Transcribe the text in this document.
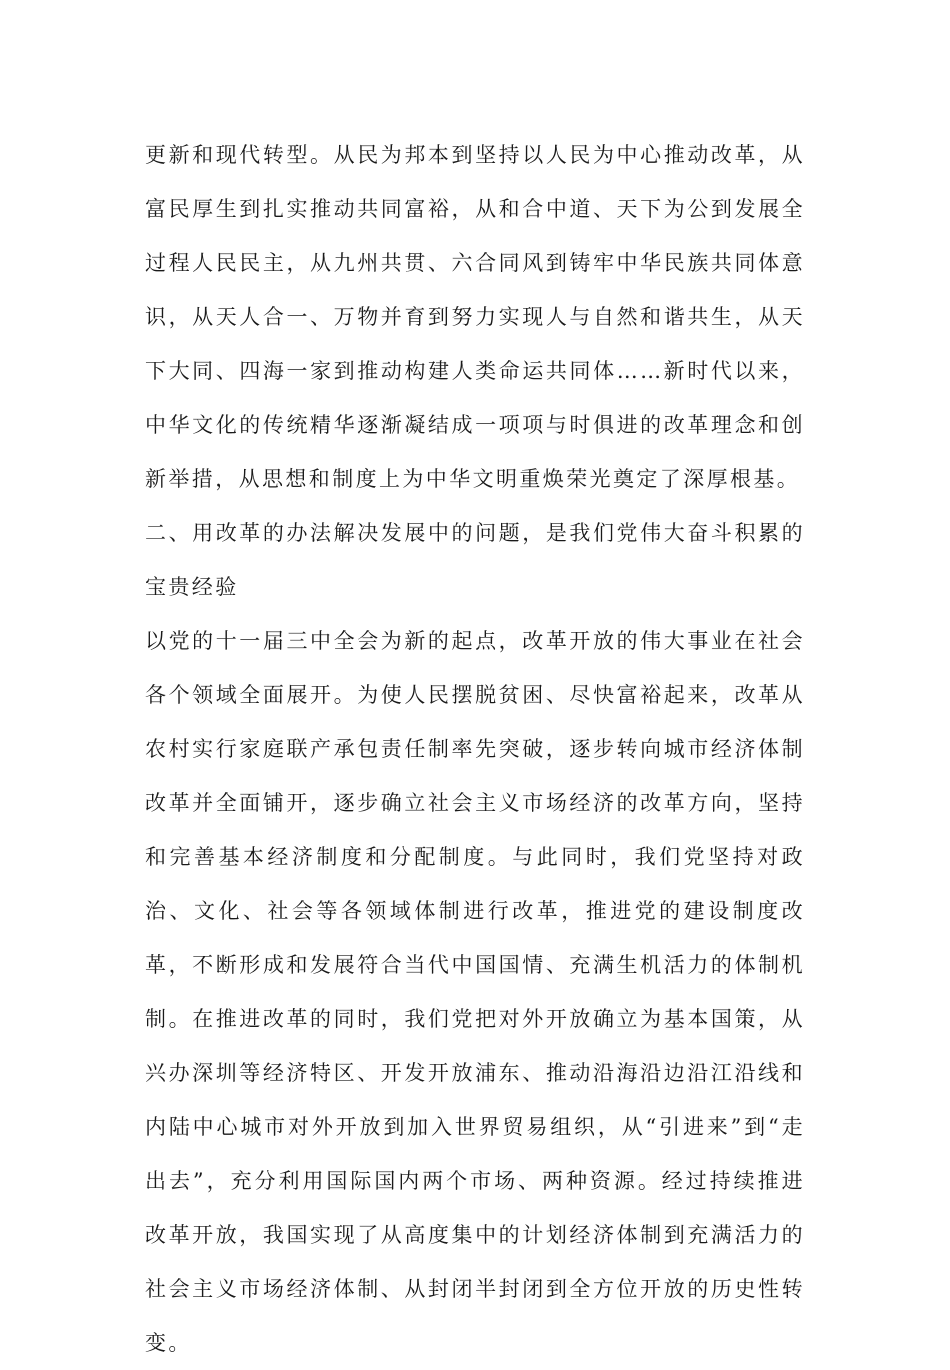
更新和现代转型。从民为邦本到坚持以人民为中心推动改革，从富民厚生到扎实推动共同富裕，从和合中道、天下为公到发展全过程人民民主，从九州共贯、六合同风到铸牢中华民族共同体意识，从天人合一、万物并育到努力实现人与自然和谐共生，从天下大同、四海一家到推动构建人类命运共同体……新时代以来，中华文化的传统精华逐渐凝结成一项项与时俱进的改革理念和创新举措，从思想和制度上为中华文明重焕荣光奠定了深厚根基。

二、用改革的办法解决发展中的问题，是我们党伟大奋斗积累的宝贵经验

以党的十一届三中全会为新的起点，改革开放的伟大事业在社会各个领域全面展开。为使人民摆脱贫困、尽快富裕起来，改革从农村实行家庭联产承包责任制率先突破，逐步转向城市经济体制改革并全面铺开，逐步确立社会主义市场经济的改革方向，坚持和完善基本经济制度和分配制度。与此同时，我们党坚持对政治、文化、社会等各领域体制进行改革，推进党的建设制度改革，不断形成和发展符合当代中国国情、充满生机活力的体制机制。在推进改革的同时，我们党把对外开放确立为基本国策，从兴办深圳等经济特区、开发开放浦东、推动沿海沿边沿江沿线和内陆中心城市对外开放到加入世界贸易组织，从“引进来”到“走出去”，充分利用国际国内两个市场、两种资源。经过持续推进改革开放，我国实现了从高度集中的计划经济体制到充满活力的社会主义市场经济体制、从封闭半封闭到全方位开放的历史性转变。
